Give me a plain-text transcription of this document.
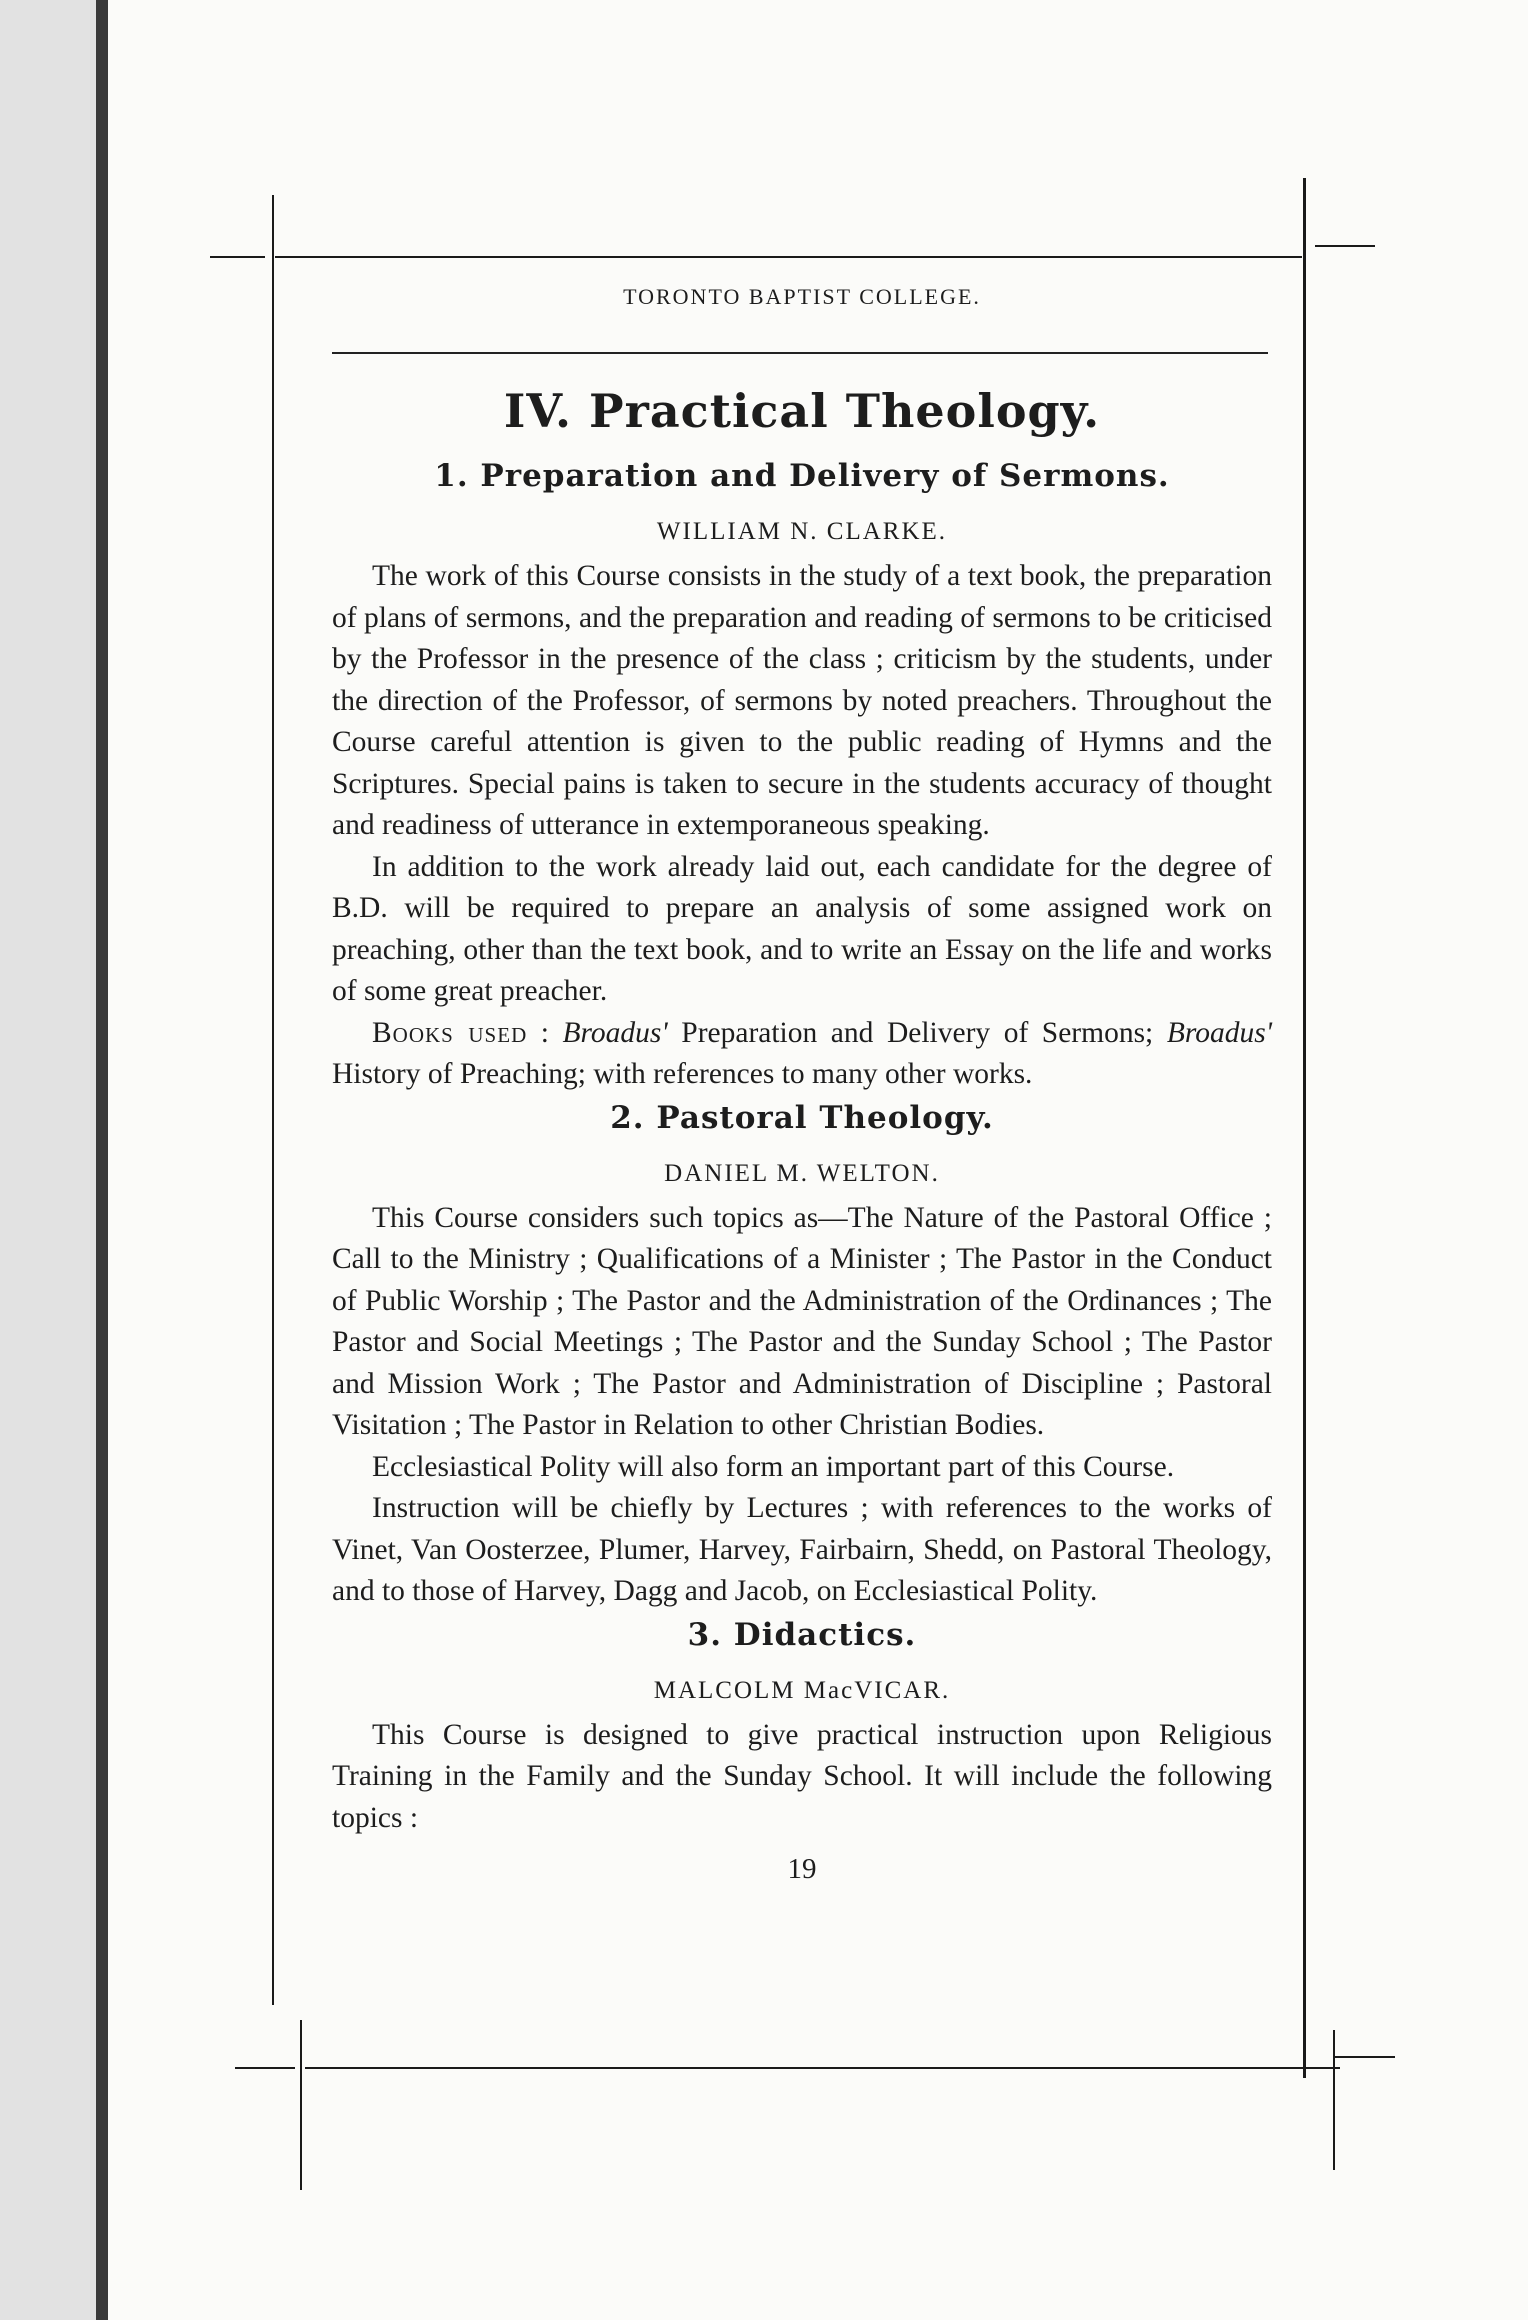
TORONTO BAPTIST COLLEGE.
IV. Practical Theology.
1. Preparation and Delivery of Sermons.
WILLIAM N. CLARKE.

The work of this Course consists in the study of a text book, the preparation of plans of sermons, and the preparation and reading of sermons to be criticised by the Professor in the presence of the class ; criticism by the students, under the direction of the Professor, of sermons by noted preachers. Throughout the Course careful attention is given to the public reading of Hymns and the Scriptures. Special pains is taken to secure in the students accuracy of thought and readiness of utterance in extemporaneous speaking.

In addition to the work already laid out, each candidate for the degree of B.D. will be required to prepare an analysis of some assigned work on preaching, other than the text book, and to write an Essay on the life and works of some great preacher.

Books used : Broadus' Preparation and Delivery of Sermons; Broadus' History of Preaching; with references to many other works.

2. Pastoral Theology.
DANIEL M. WELTON.

This Course considers such topics as—The Nature of the Pastoral Office ; Call to the Ministry ; Qualifications of a Minister ; The Pastor in the Conduct of Public Worship ; The Pastor and the Administration of the Ordinances ; The Pastor and Social Meetings ; The Pastor and the Sunday School ; The Pastor and Mission Work ; The Pastor and Administration of Discipline ; Pastoral Visitation ; The Pastor in Relation to other Christian Bodies.

Ecclesiastical Polity will also form an important part of this Course.

Instruction will be chiefly by Lectures ; with references to the works of Vinet, Van Oosterzee, Plumer, Harvey, Fairbairn, Shedd, on Pastoral Theology, and to those of Harvey, Dagg and Jacob, on Ecclesiastical Polity.

3. Didactics.
MALCOLM MacVICAR.

This Course is designed to give practical instruction upon Religious Training in the Family and the Sunday School. It will include the following topics :

19
